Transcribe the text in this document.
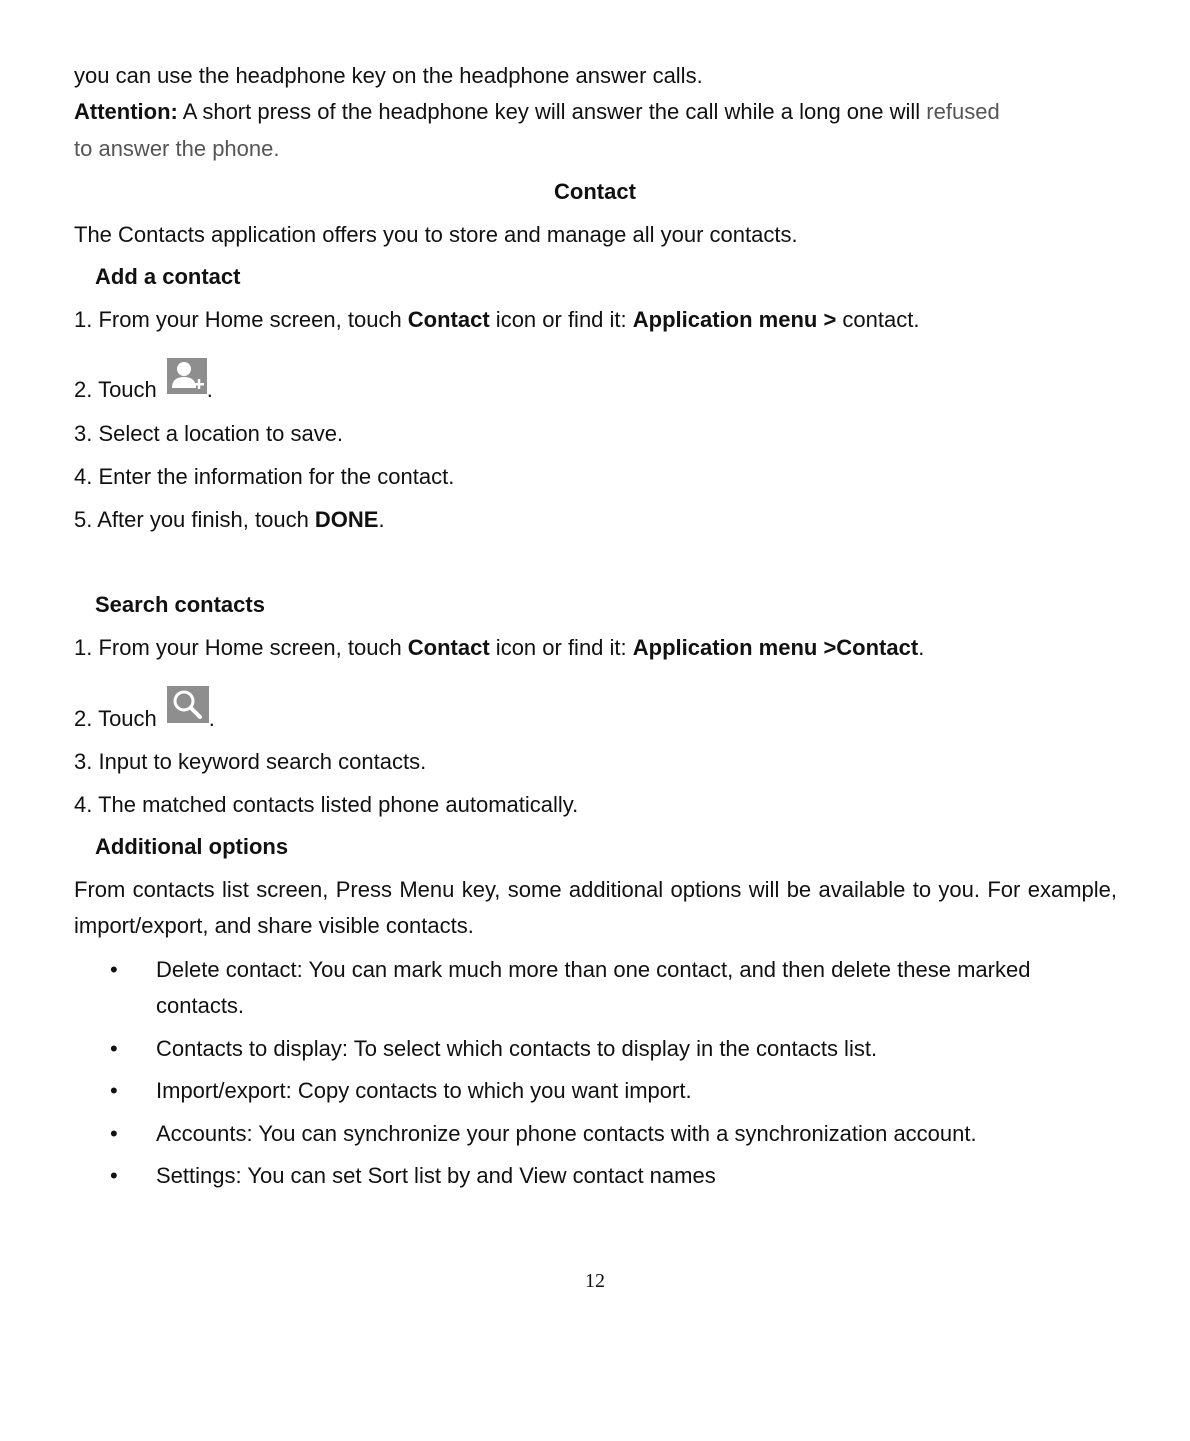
you can use the headphone key on the headphone answer calls.
Attention: A short press of the headphone key will answer the call while a long one will refused
to answer the phone.
Contact
The Contacts application offers you to store and manage all your contacts.
Add a contact
1. From your Home screen, touch Contact icon or find it: Application menu > contact.
2. Touch .
3. Select a location to save.
4. Enter the information for the contact.
5. After you finish, touch DONE.
Search contacts
1. From your Home screen, touch Contact icon or find it: Application menu >Contact.
2. Touch .
3. Input to keyword search contacts.
4. The matched contacts listed phone automatically.
Additional options
From contacts list screen, Press Menu key, some additional options will be available to you. For example, import/export, and share visible contacts.
•	Delete contact: You can mark much more than one contact, and then delete these marked contacts.
•	Contacts to display: To select which contacts to display in the contacts list.
•	Import/export: Copy contacts to which you want import.
•	Accounts: You can synchronize your phone contacts with a synchronization account.
•	Settings: You can set Sort list by and View contact names
12
